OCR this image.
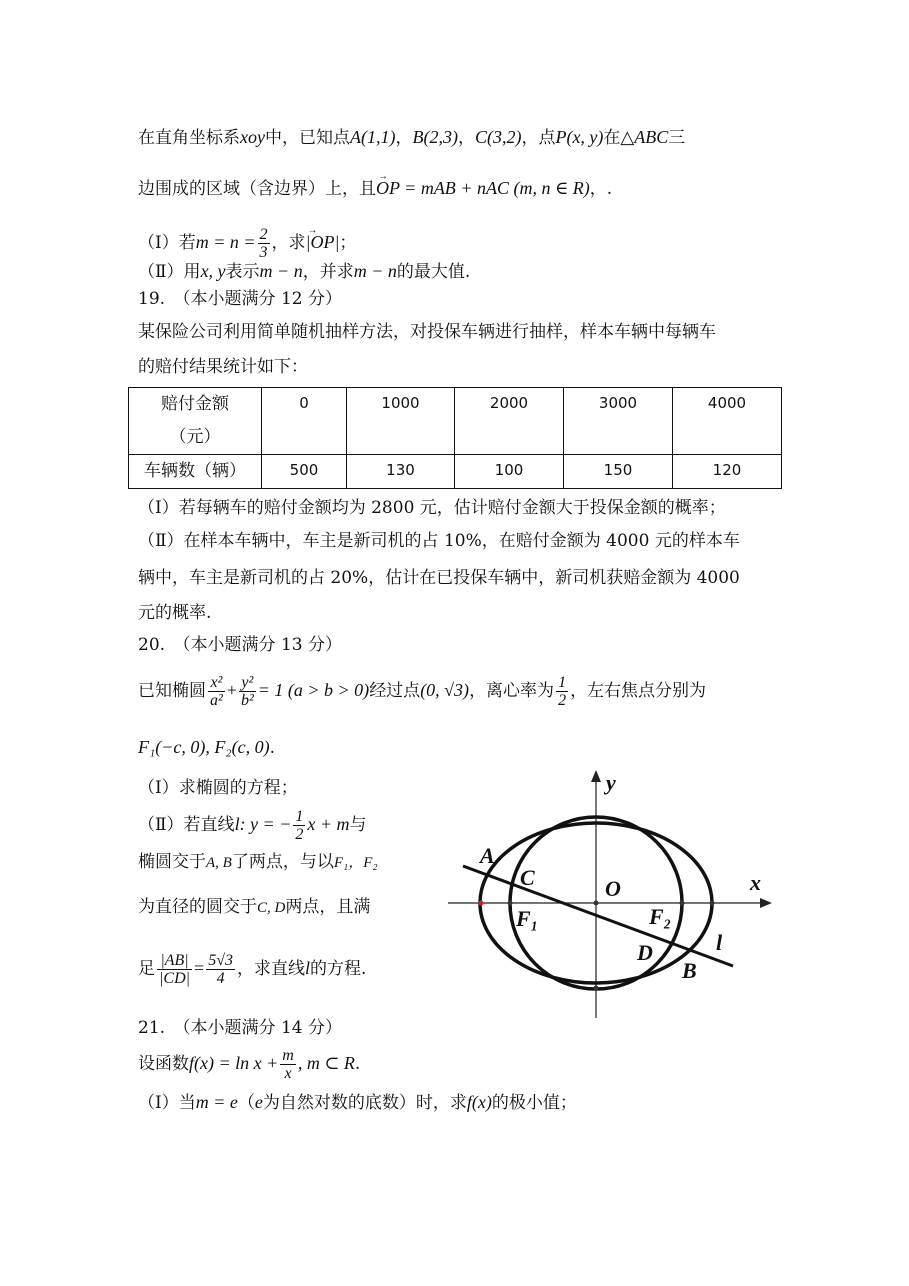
在直角坐标系xoy中，已知点A(1,1)，B(2,3)，C(3,2)，点P(x, y)在△ABC三
边围成的区域（含边界）上，且→ OP = mAB + nAC (m, n ∈ R)，.
（Ⅰ）若$m = n = \frac{2}{3}$ ，求→ |OP|；
（Ⅱ）用x, y表示m − n，并求m − n的最大值.
19.　（本小题满分 12 分）
某保险公司利用简单随机抽样方法，对投保车辆进行抽样，样本车辆中每辆车
的赔付结果统计如下：
赔付金额
（元）	0	1000	2000	3000	4000
车辆数（辆）	500	130	100	150	120
（Ⅰ）若每辆车的赔付金额均为 2800 元，估计赔付金额大于投保金额的概率；
（Ⅱ）在样本车辆中，车主是新司机的占 10%，在赔付金额为 4000 元的样本车
辆中，车主是新司机的占 20%，估计在已投保车辆中，新司机获赔金额为 4000
元的概率.
20.　（本小题满分 13 分）
已知椭圆 $\frac{\text{x²}}{\text{a²}} + \frac{\text{y²}}{\text{b²}} = 1$ (a > b > 0)经过点(0, √3)，离心率为 $\frac{1}{2}$ ，左右焦点分别为
F₁(−c, 0), F₂(c, 0).
（Ⅰ）求椭圆的方程；
（Ⅱ）若直线l: y = − $\frac{1}{2}$ x + m与
椭圆交于A, B了两点，与以F₁，F₂
为直径的圆交于C, D两点，且满
足 $\frac{|AB|}{|CD|} = \frac{5√3}{4}$ ，求直线l的方程.
y
x
O
A
C
F₁	F₂
D
B
l
21.　（本小题满分 14 分）
设函数$f(x) = \ln x + \frac{m}{x}$ , m ⊂ R.
（Ⅰ）当m = e（e为自然对数的底数）时，求f(x)的极小值；
